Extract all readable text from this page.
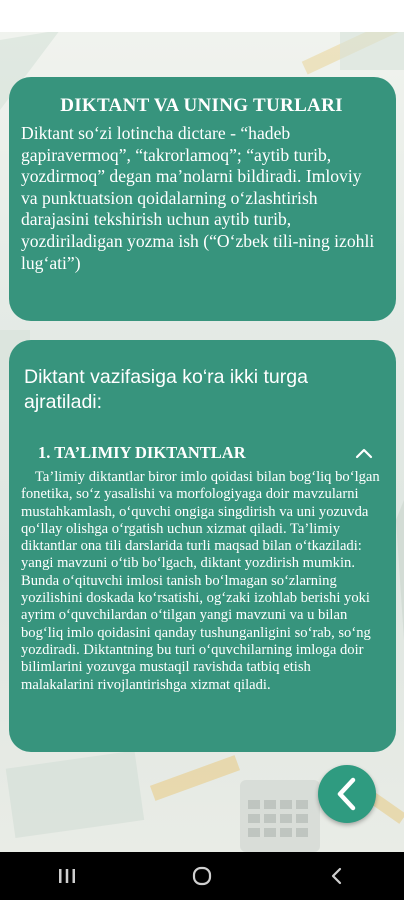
DIKTANT VA UNING TURLARI
Diktant so‘zi lotincha dictare - “hadeb gapiravermoq”, “takrorlamoq”; “aytib turib, yozdirmoq” degan ma’nolarni bildiradi. Imloviy va punktuatsion qoidalarning o‘zlashtirish darajasini tekshirish uchun aytib turib, yozdiriladigan yozma ish (“O‘zbek tili-ning izohli lug‘ati”)
Diktant vazifasiga ko‘ra ikki turga ajratiladi:
1. TA’LIMIY DIKTANTLAR
Ta’limiy diktantlar biror imlo qoidasi bilan bog‘liq bo‘lgan fonetika, so‘z yasalishi va morfologiyaga doir mavzularni mustahkamlash, o‘quvchi ongiga singdirish va uni yozuvda qo‘llay olishga o‘rgatish uchun xizmat qiladi. Ta’limiy diktantlar ona tili darslarida turli maqsad bilan o‘tkaziladi: yangi mavzuni o‘tib bo‘lgach, diktant yozdirish mumkin. Bunda o‘qituvchi imlosi tanish bo‘lmagan so‘zlarning yozilishini doskada ko‘rsatishi, og‘zaki izohlab berishi yoki ayrim o‘quvchilardan o‘tilgan yangi mavzuni va u bilan bog‘liq imlo qoidasini qanday tushunganligini so‘rab, so‘ng yozdiradi. Diktantning bu turi o‘quvchilarning imloga doir bilimlarini yozuvga mustaqil ravishda tatbiq etish malakalarini rivojlantirishga xizmat qiladi.
